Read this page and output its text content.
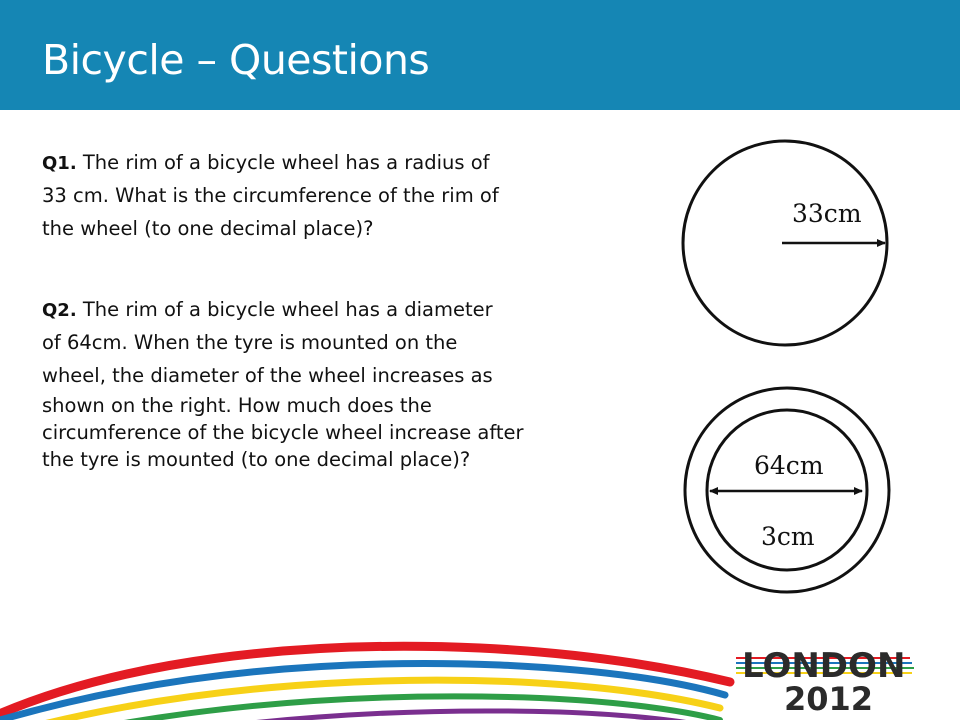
Bicycle – Questions
Q1. The rim of a bicycle wheel has a radius of
33 cm. What is the circumference of the rim of
the wheel (to one decimal place)?
Q2. The rim of a bicycle wheel has a diameter
of 64cm. When the tyre is mounted on the
wheel, the diameter of the wheel increases as
shown on the right. How much does the
circumference of the bicycle wheel increase after
the tyre is mounted (to one decimal place)?
33cm
64cm
3cm
LONDON
2012
